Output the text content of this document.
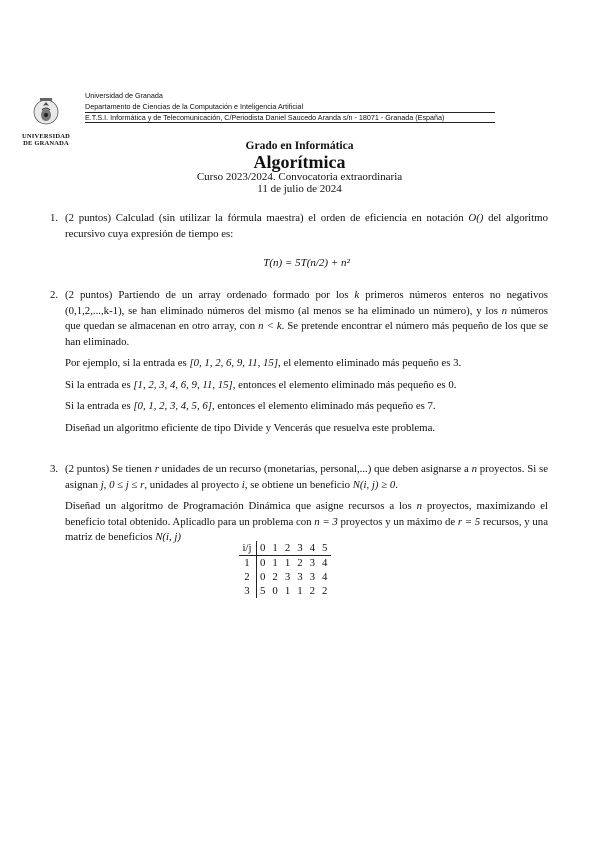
UNIVERSIDAD
DE GRANADA
Universidad de Granada
Departamento de Ciencias de la Computación e Inteligencia Artificial
E.T.S.I. Informática y de Telecomunicación, C/Periodista Daniel Saucedo Aranda s/n - 18071 - Granada (España)
Grado en Informática
Algorítmica
Curso 2023/2024. Convocatoria extraordinaria
11 de julio de 2024
1. (2 puntos) Calculad (sin utilizar la fórmula maestra) el orden de eficiencia en notación O() del algoritmo recursivo cuya expresión de tiempo es:

T(n) = 5T(n/2) + n²
2. (2 puntos) Partiendo de un array ordenado formado por los k primeros números enteros no negativos (0,1,2,...,k-1), se han eliminado números del mismo (al menos se ha eliminado un número), y los n números que quedan se almacenan en otro array, con n < k. Se pretende encontrar el número más pequeño de los que se han eliminado.

Por ejemplo, si la entrada es [0, 1, 2, 6, 9, 11, 15], el elemento eliminado más pequeño es 3.

Si la entrada es [1, 2, 3, 4, 6, 9, 11, 15], entonces el elemento eliminado más pequeño es 0.

Si la entrada es [0, 1, 2, 3, 4, 5, 6], entonces el elemento eliminado más pequeño es 7.

Diseñad un algoritmo eficiente de tipo Divide y Vencerás que resuelva este problema.

3. (2 puntos) Se tienen r unidades de un recurso (monetarias, personal,...) que deben asignarse a n proyectos. Si se asignan j, 0 ≤ j ≤ r, unidades al proyecto i, se obtiene un beneficio N(i, j) ≥ 0.

Diseñad un algoritmo de Programación Dinámica que asigne recursos a los n proyectos, maximizando el beneficio total obtenido. Aplicadlo para un problema con n = 3 proyectos y un máximo de r = 5 recursos, y una matriz de beneficios N(i, j)

i/j	0	1	2	3	4	5
1	0	1	1	2	3	4
2	0	2	3	3	3	4
3	5	0	1	1	2	2
